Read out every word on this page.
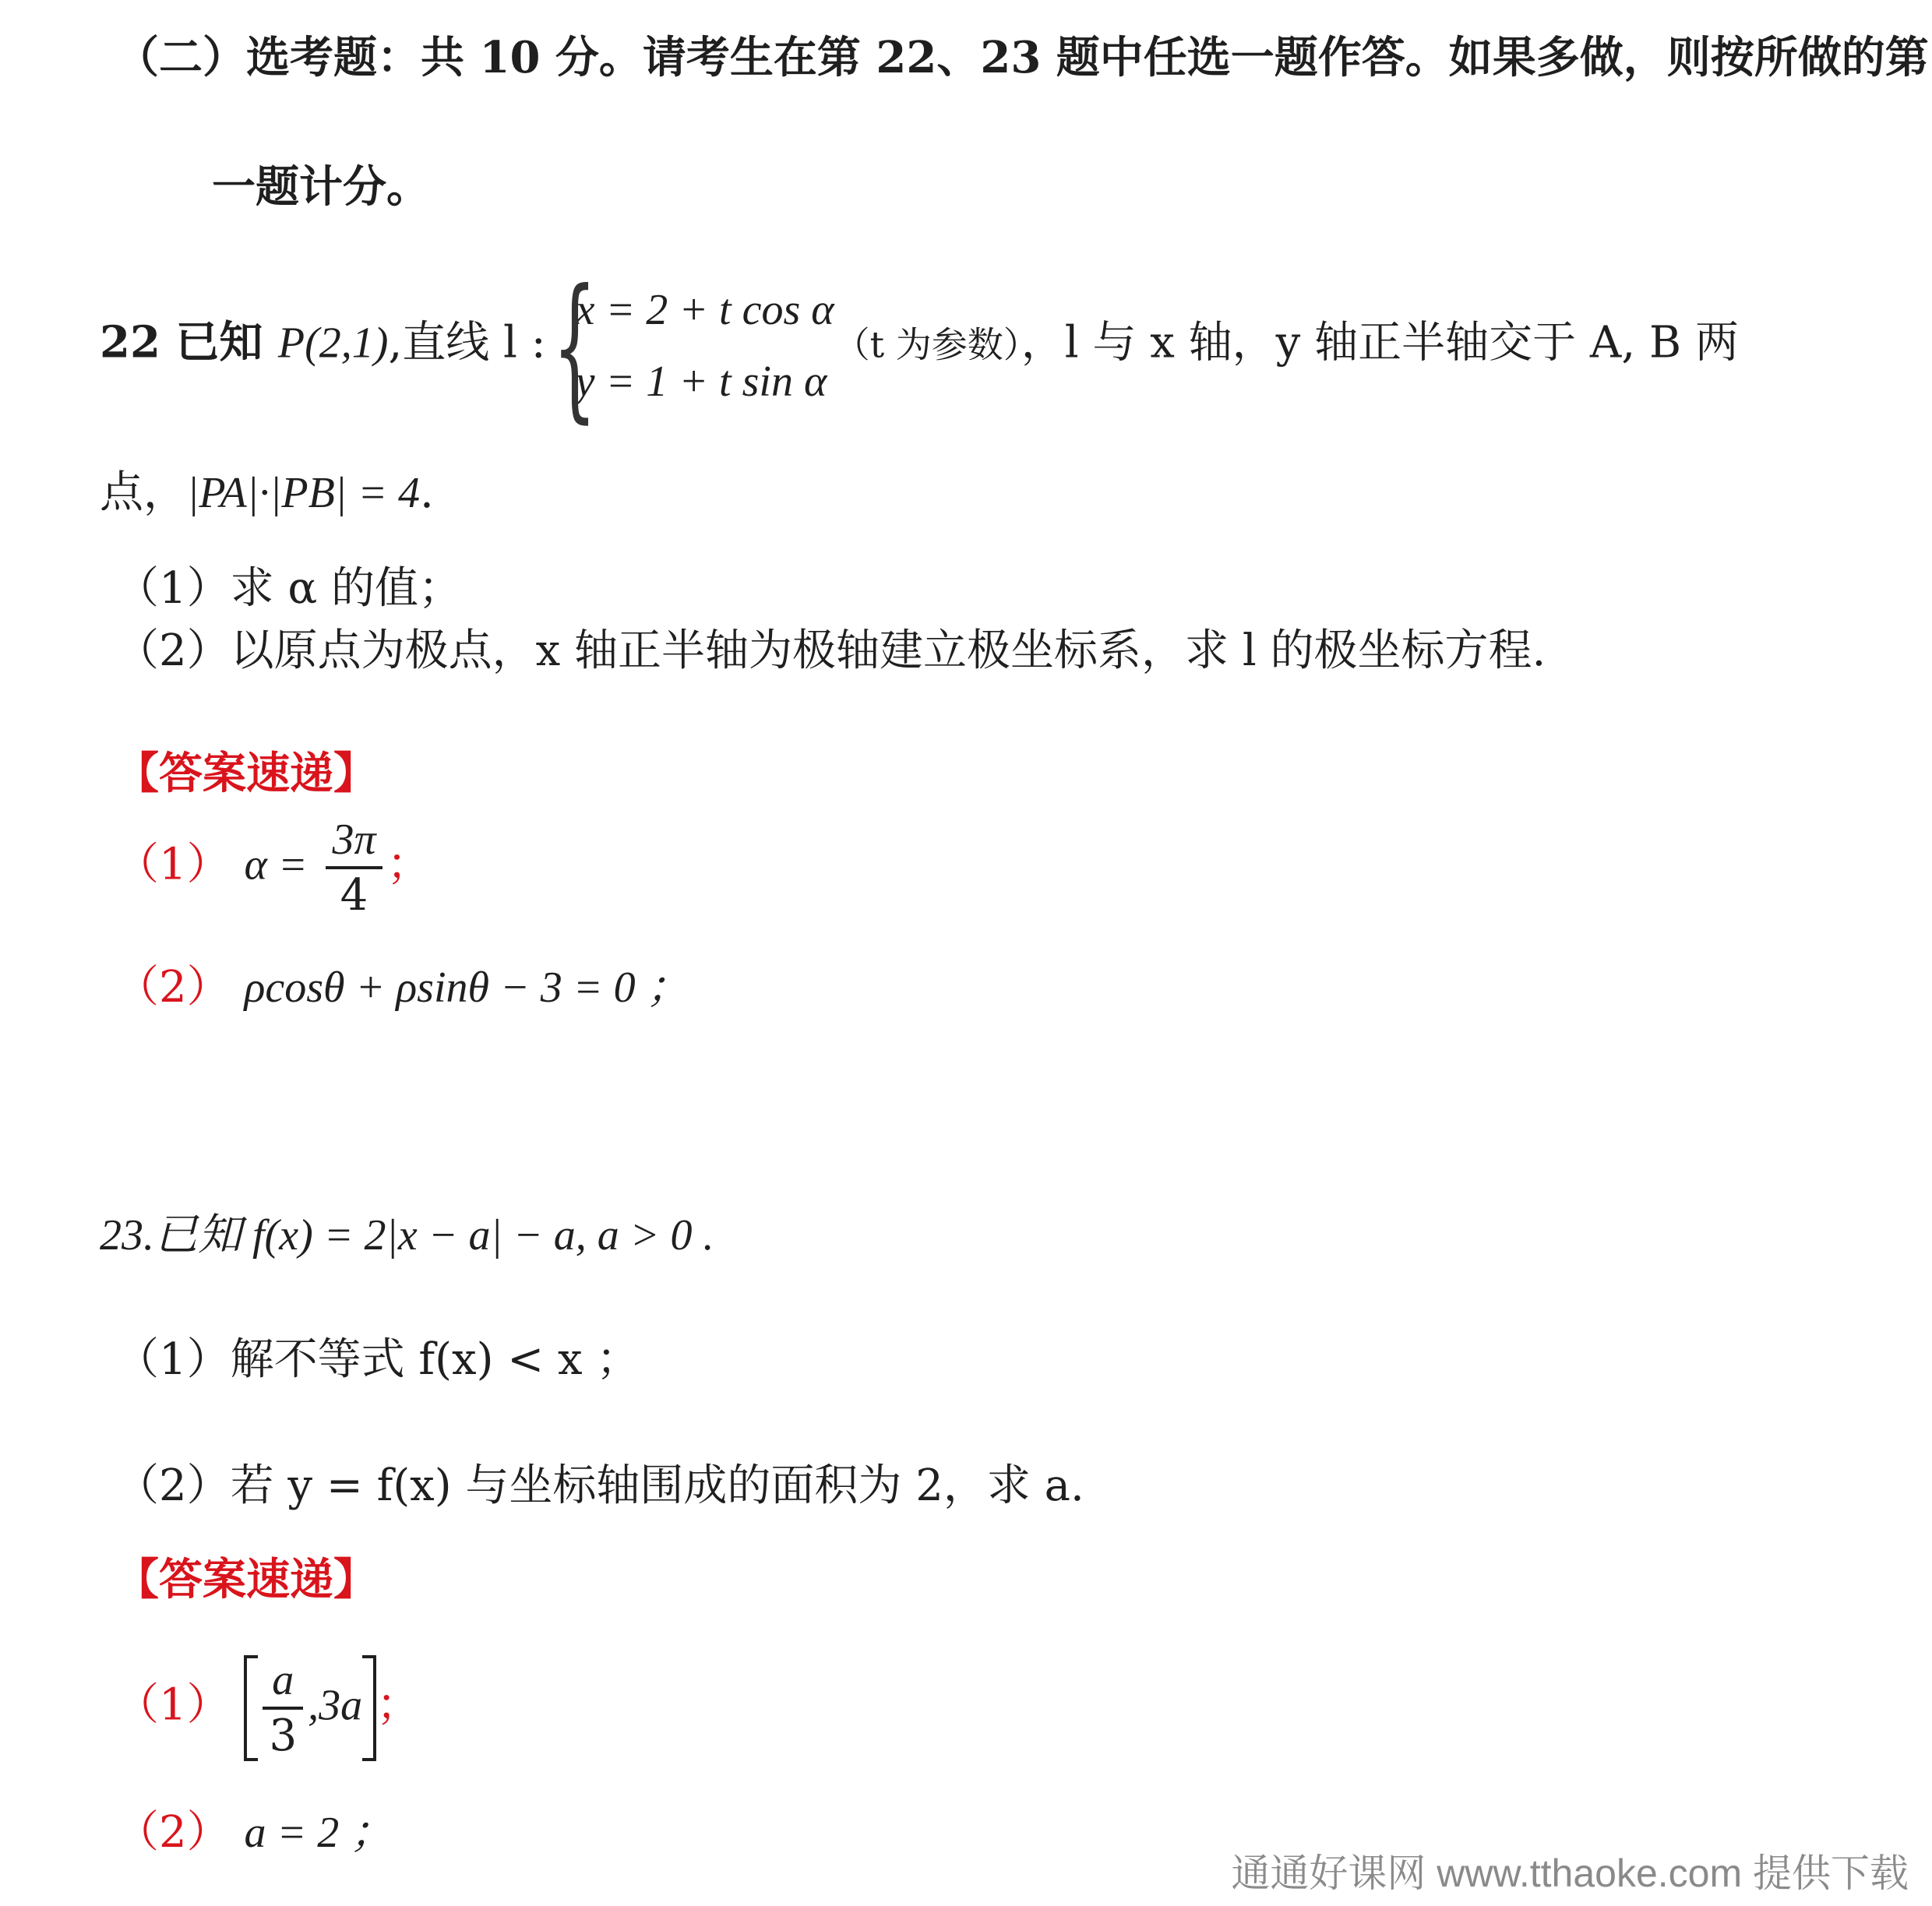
（二）选考题：共 10 分。请考生在第 22、23 题中任选一题作答。如果多做，则按所做的第
一题计分。
22 已知 P(2,1),直线 l : {
x = 2 + t cos α
y = 1 + t sin α
（t 为参数），l 与 x 轴，y 轴正半轴交于 A, B 两
点，|PA|·|PB| = 4.
（1）求 α 的值；
（2）以原点为极点，x 轴正半轴为极轴建立极坐标系，求 l 的极坐标方程.
【答案速递】
（1） $\alpha = \frac{3\pi}{4}$ ；
（2） ρcosθ + ρsinθ − 3 = 0 ；
23.已知 f(x) = 2|x − a| − a, a > 0 .
（1）解不等式 f(x) < x ；
（2）若 y = f(x) 与坐标轴围成的面积为 2，求 a.
【答案速递】
$(1) \frac{a}{3} ,3a$ ；
（2） a = 2 ；
通通好课网 www.tthaoke.com 提供下载
